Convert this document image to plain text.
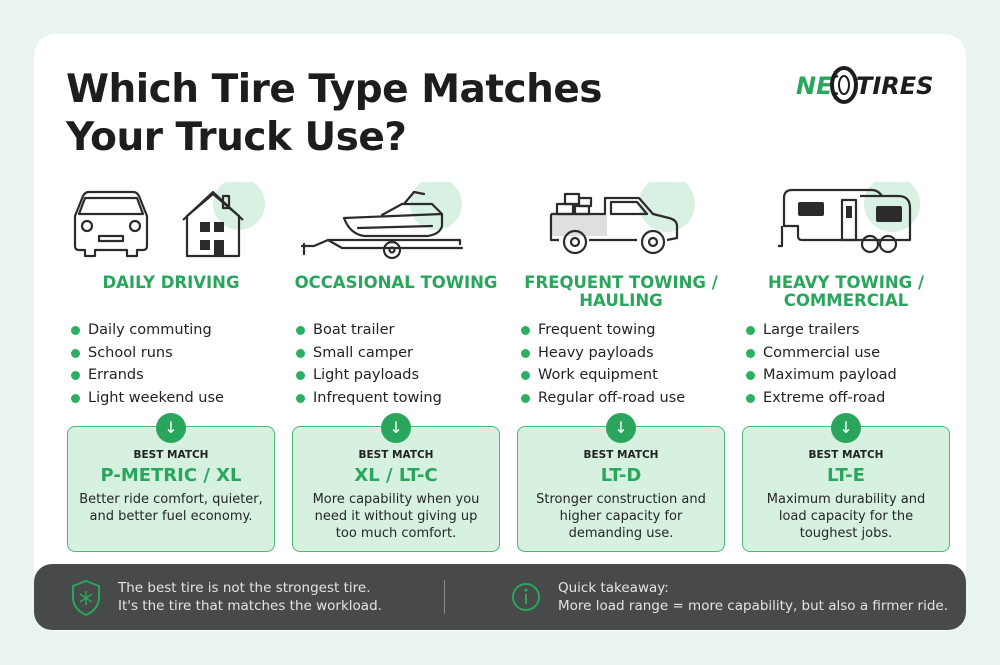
Which Tire Type Matches
Your Truck Use?
NE TIRES
DAILY DRIVING
Daily commuting
School runs
Errands
Light weekend use
↓
BEST MATCH
P-METRIC / XL
Better ride comfort, quieter, and better fuel economy.
OCCASIONAL TOWING
Boat trailer
Small camper
Light payloads
Infrequent towing
↓
BEST MATCH
XL / LT-C
More capability when you need it without giving up too much comfort.
FREQUENT TOWING /
HAULING
Frequent towing
Heavy payloads
Work equipment
Regular off-road use
↓
BEST MATCH
LT-D
Stronger construction and higher capacity for demanding use.
HEAVY TOWING /
COMMERCIAL
Large trailers
Commercial use
Maximum payload
Extreme off-road
↓
BEST MATCH
LT-E
Maximum durability and load capacity for the toughest jobs.
The best tire is not the strongest tire.
It's the tire that matches the workload.
Quick takeaway:
More load range = more capability, but also a firmer ride.
